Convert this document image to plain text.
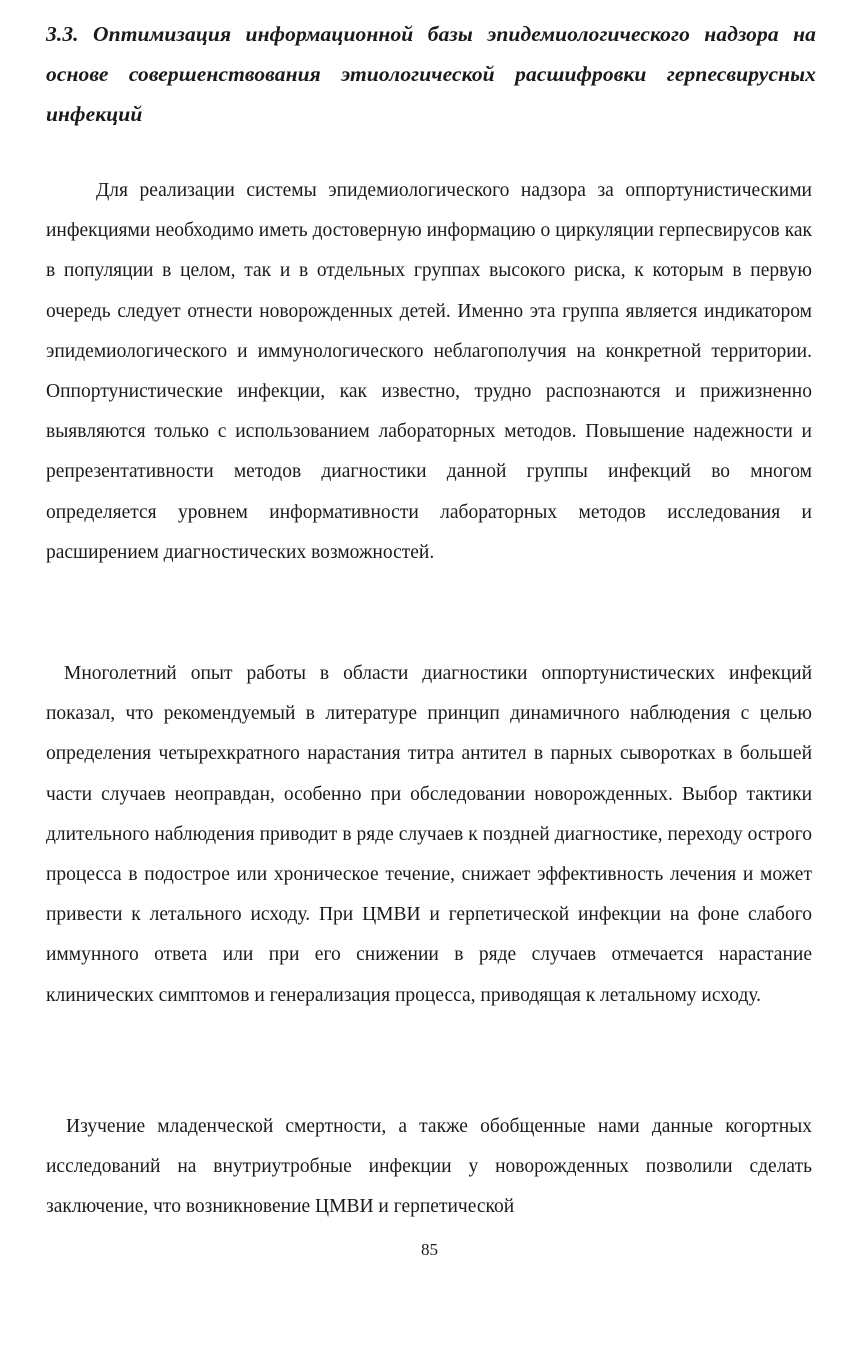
3.3. Оптимизация информационной базы эпидемиологического надзора на основе совершенствования этиологической расшифровки герпесвирусных инфекций

Для реализации системы эпидемиологического надзора за оппортунистическими инфекциями необходимо иметь достоверную информацию о циркуляции герпесвирусов как в популяции в целом, так и в отдельных группах высокого риска, к которым в первую очередь следует отнести новорожденных детей. Именно эта группа является индикатором эпидемиологического и иммунологического неблагополучия на конкретной территории. Оппортунистические инфекции, как известно, трудно распознаются и прижизненно выявляются только с использованием лабораторных методов. Повышение надежности и репрезентативности методов диагностики данной группы инфекций во многом определяется уровнем информативности лабораторных методов исследования и расширением диагностических возможностей.

Многолетний опыт работы в области диагностики оппортунистических инфекций показал, что рекомендуемый в литературе принцип динамичного наблюдения с целью определения четырехкратного нарастания титра антител в парных сыворотках в большей части случаев неоправдан, особенно при обследовании новорожденных. Выбор тактики длительного наблюдения приводит в ряде случаев к поздней диагностике, переходу острого процесса в подострое или хроническое течение, снижает эффективность лечения и может привести к летального исходу. При ЦМВИ и герпетической инфекции на фоне слабого иммунного ответа или при его снижении в ряде случаев отмечается нарастание клинических симптомов и генерализация процесса, приводящая к летальному исходу.

Изучение младенческой смертности, а также обобщенные нами данные когортных исследований на внутриутробные инфекции у новорожденных позволили сделать заключение, что возникновение ЦМВИ и герпетической

85
